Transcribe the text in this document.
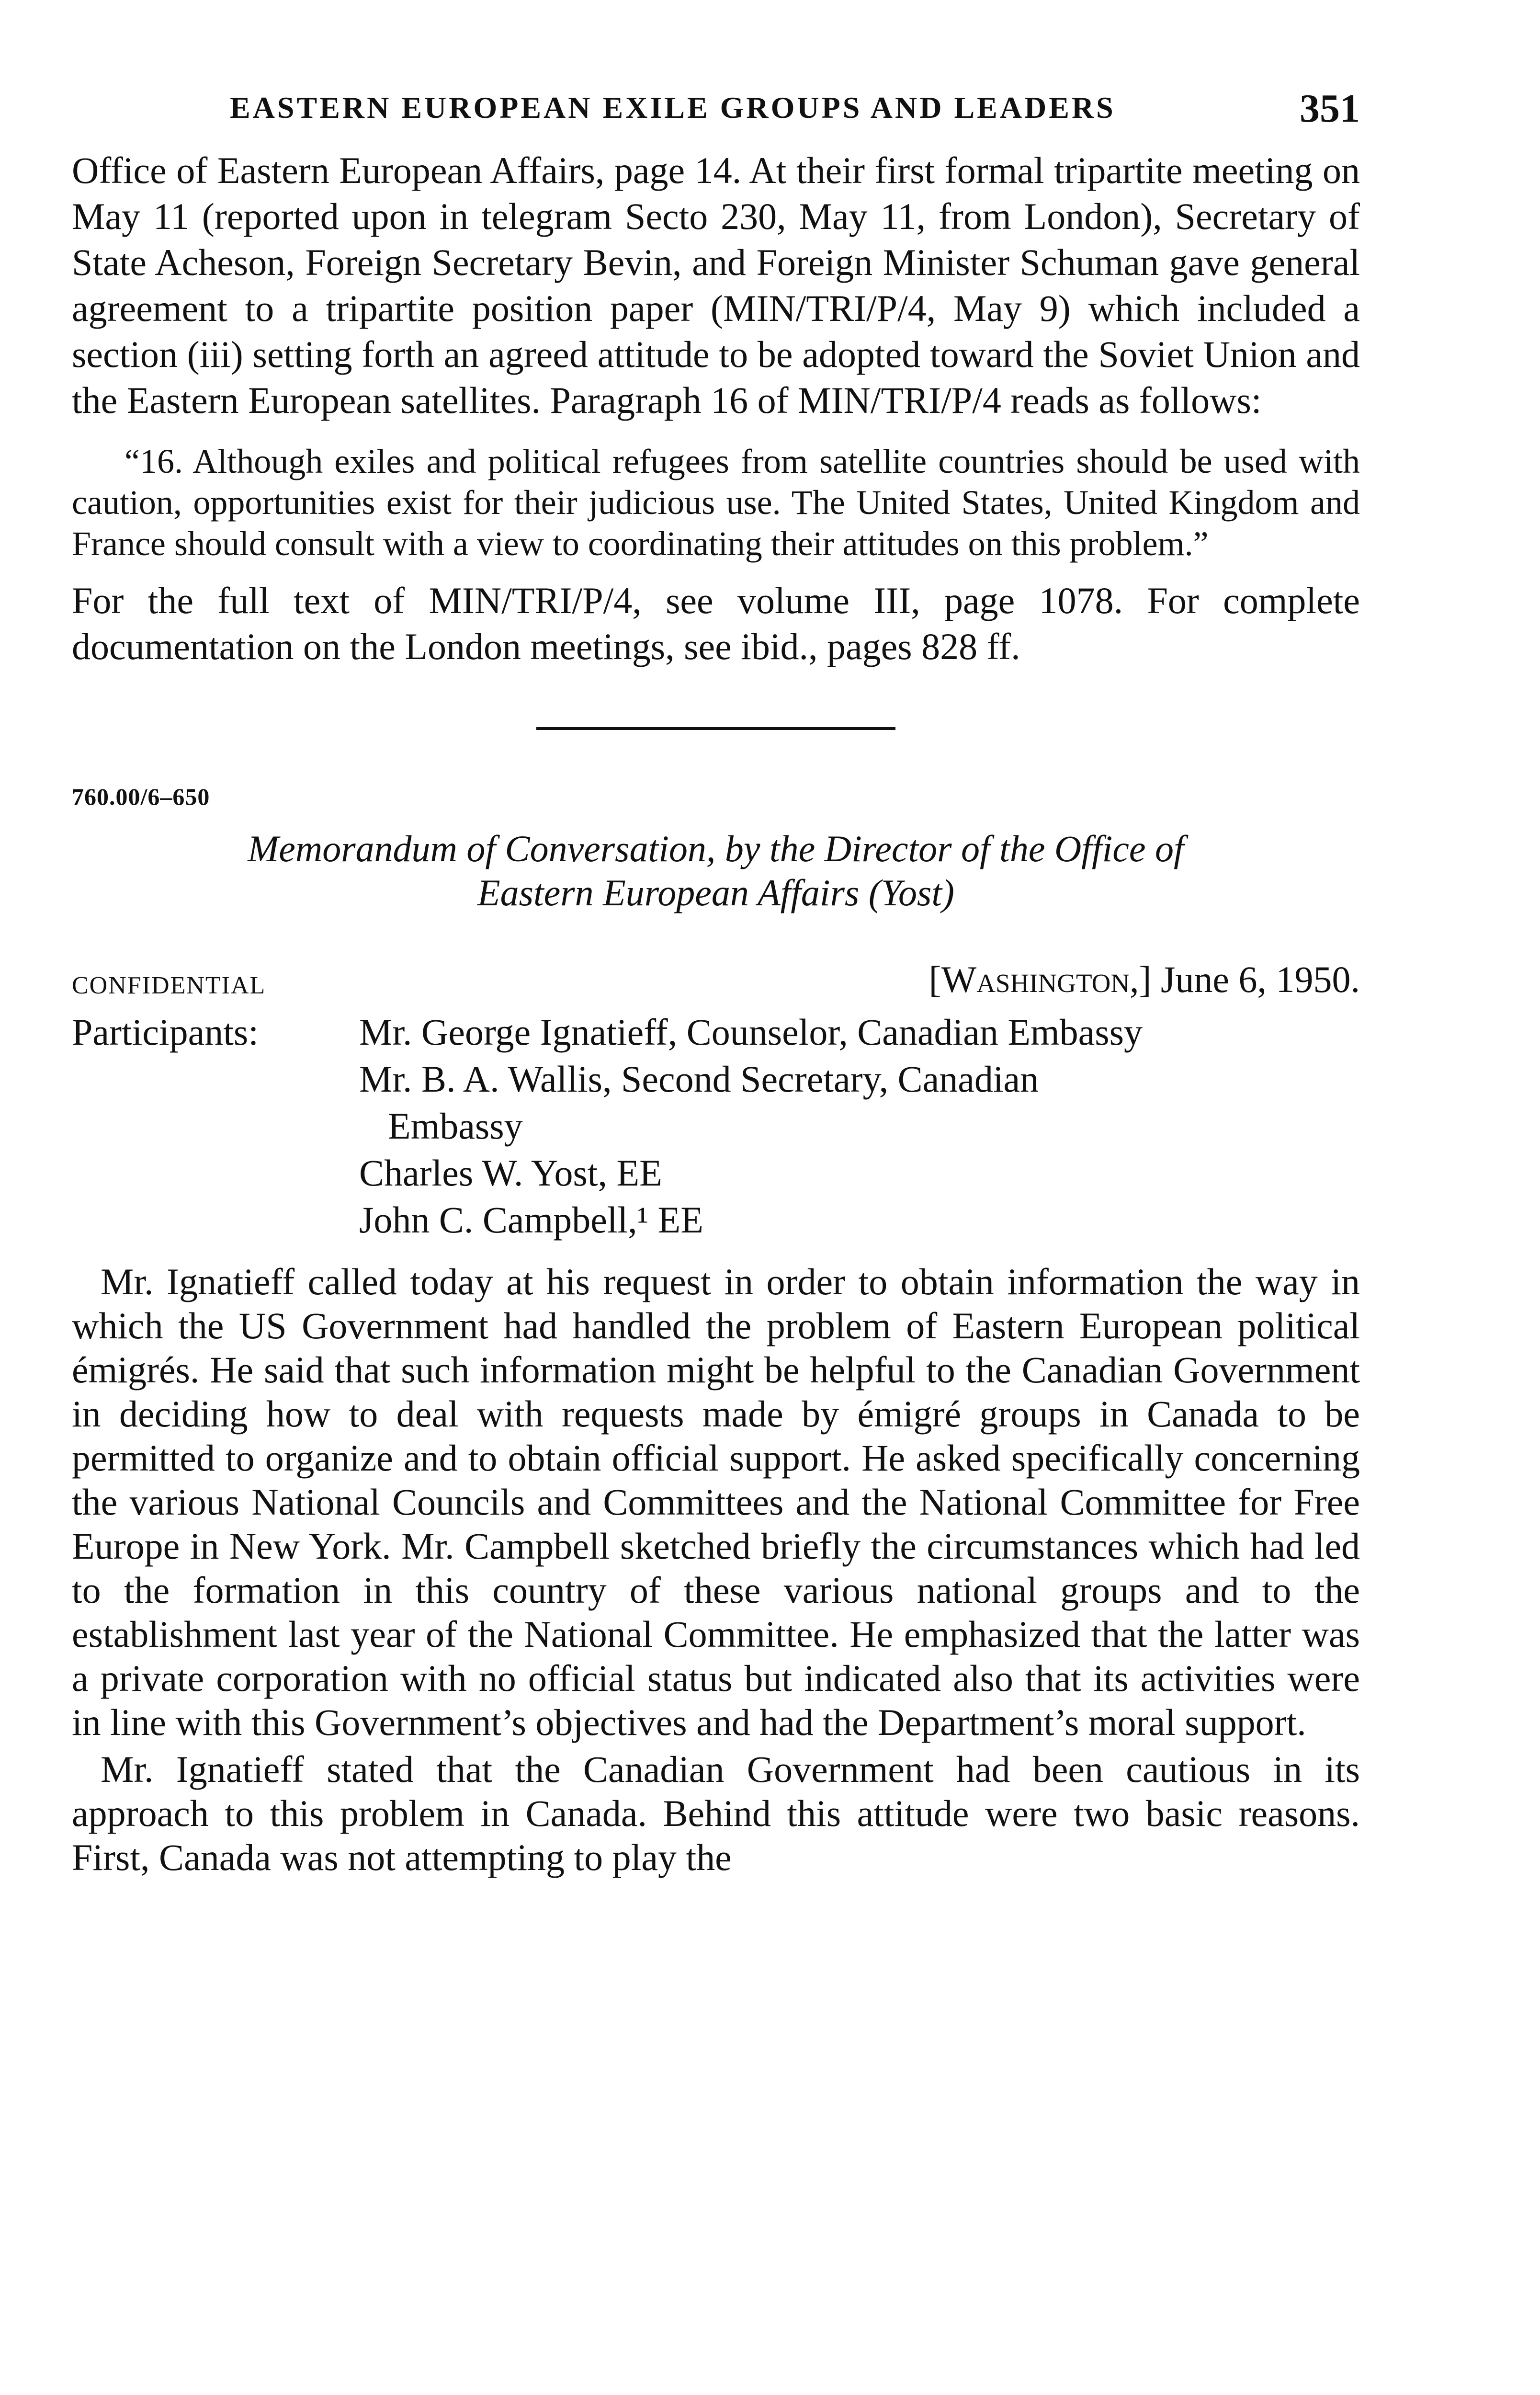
EASTERN EUROPEAN EXILE GROUPS AND LEADERS	351

Office of Eastern European Affairs, page 14. At their first formal tripartite meeting on May 11 (reported upon in telegram Secto 230, May 11, from London), Secretary of State Acheson, Foreign Secretary Bevin, and Foreign Minister Schuman gave general agreement to a tripartite position paper (MIN/TRI/P/4, May 9) which included a section (iii) setting forth an agreed attitude to be adopted toward the Soviet Union and the Eastern European satellites. Paragraph 16 of MIN/TRI/P/4 reads as follows:

“16. Although exiles and political refugees from satellite countries should be used with caution, opportunities exist for their judicious use. The United States, United Kingdom and France should consult with a view to coordinating their attitudes on this problem.”

For the full text of MIN/TRI/P/4, see volume III, page 1078. For complete documentation on the London meetings, see ibid., pages 828 ff.

760.00/6–650
Memorandum of Conversation, by the Director of the Office of
Eastern European Affairs (Yost)
CONFIDENTIAL	[Washington,] June 6, 1950.
Participants:	Mr. George Ignatieff, Counselor, Canadian Embassy
Mr. B. A. Wallis, Second Secretary, Canadian
Embassy
Charles W. Yost, EE
John C. Campbell,¹ EE

Mr. Ignatieff called today at his request in order to obtain information the way in which the US Government had handled the problem of Eastern European political émigrés. He said that such information might be helpful to the Canadian Government in deciding how to deal with requests made by émigré groups in Canada to be permitted to organize and to obtain official support. He asked specifically concerning the various National Councils and Committees and the National Committee for Free Europe in New York. Mr. Campbell sketched briefly the circumstances which had led to the formation in this country of these various national groups and to the establishment last year of the National Committee. He emphasized that the latter was a private corporation with no official status but indicated also that its activities were in line with this Government’s objectives and had the Department’s moral support.

Mr. Ignatieff stated that the Canadian Government had been cautious in its approach to this problem in Canada. Behind this attitude were two basic reasons. First, Canada was not attempting to play the
